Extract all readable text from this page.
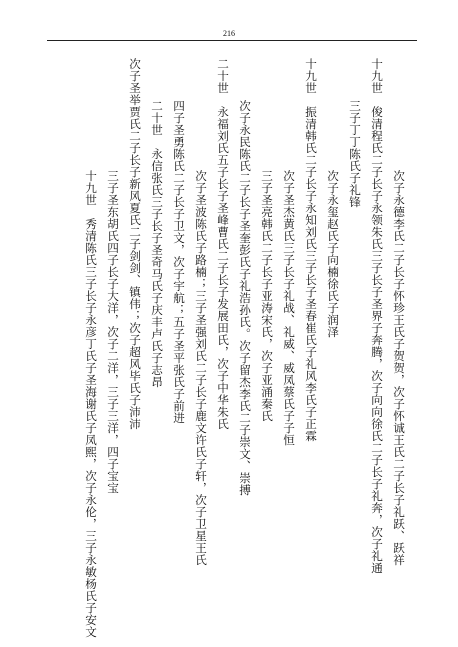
216
次子永德李氏二子长子怀珍王氏子贺贺，次子怀诚王氏二子长子礼跃、跃祥
十九世　俊清程氏二子长子永领朱氏三子长子圣界子奔腾，次子向向徐氏二子长子礼奔，次子礼通
三子丁丁陈氏子礼锋
次子永玺赵氏子向楠徐氏子润泽
十九世　振清韩氏二子长子永知刘氏三子长子圣春崔氏子礼风李氏子正霖
次子圣杰黄氏三子长子礼战、礼威、威凤蔡氏子子恒
三子圣亮韩氏二子长子亚涛宋氏，次子亚涌秦氏
次子永民陈氏二子长子圣奎彭氏子礼浩孙氏。次子留杰李氏二子崇文、崇搏
二十世　永福刘氏五子长子圣峰曹氏二子长子发展田氏，次子中华朱氏
次子圣波陈氏子路楠；三子圣强刘氏二子长子鹿文许氏子轩，次子卫星王氏
四子圣勇陈氏二子长子卫文，次子宇航；五子圣平张氏子前进
二十世　永信张氏三子长子圣奇马氏子庆丰卢氏子志昂
次子圣举贾氏二子长子新风夏氏二子剑剑、镇伟；次子超风毕氏子沛沛
三子圣东胡氏四子长子大洋，次子二洋，三子三洋，四子宝宝
十九世　秀清陈氏三子长子永彦丁氏子圣海谢氏子凤熙，次子永伦，三子永敏杨氏子安文
